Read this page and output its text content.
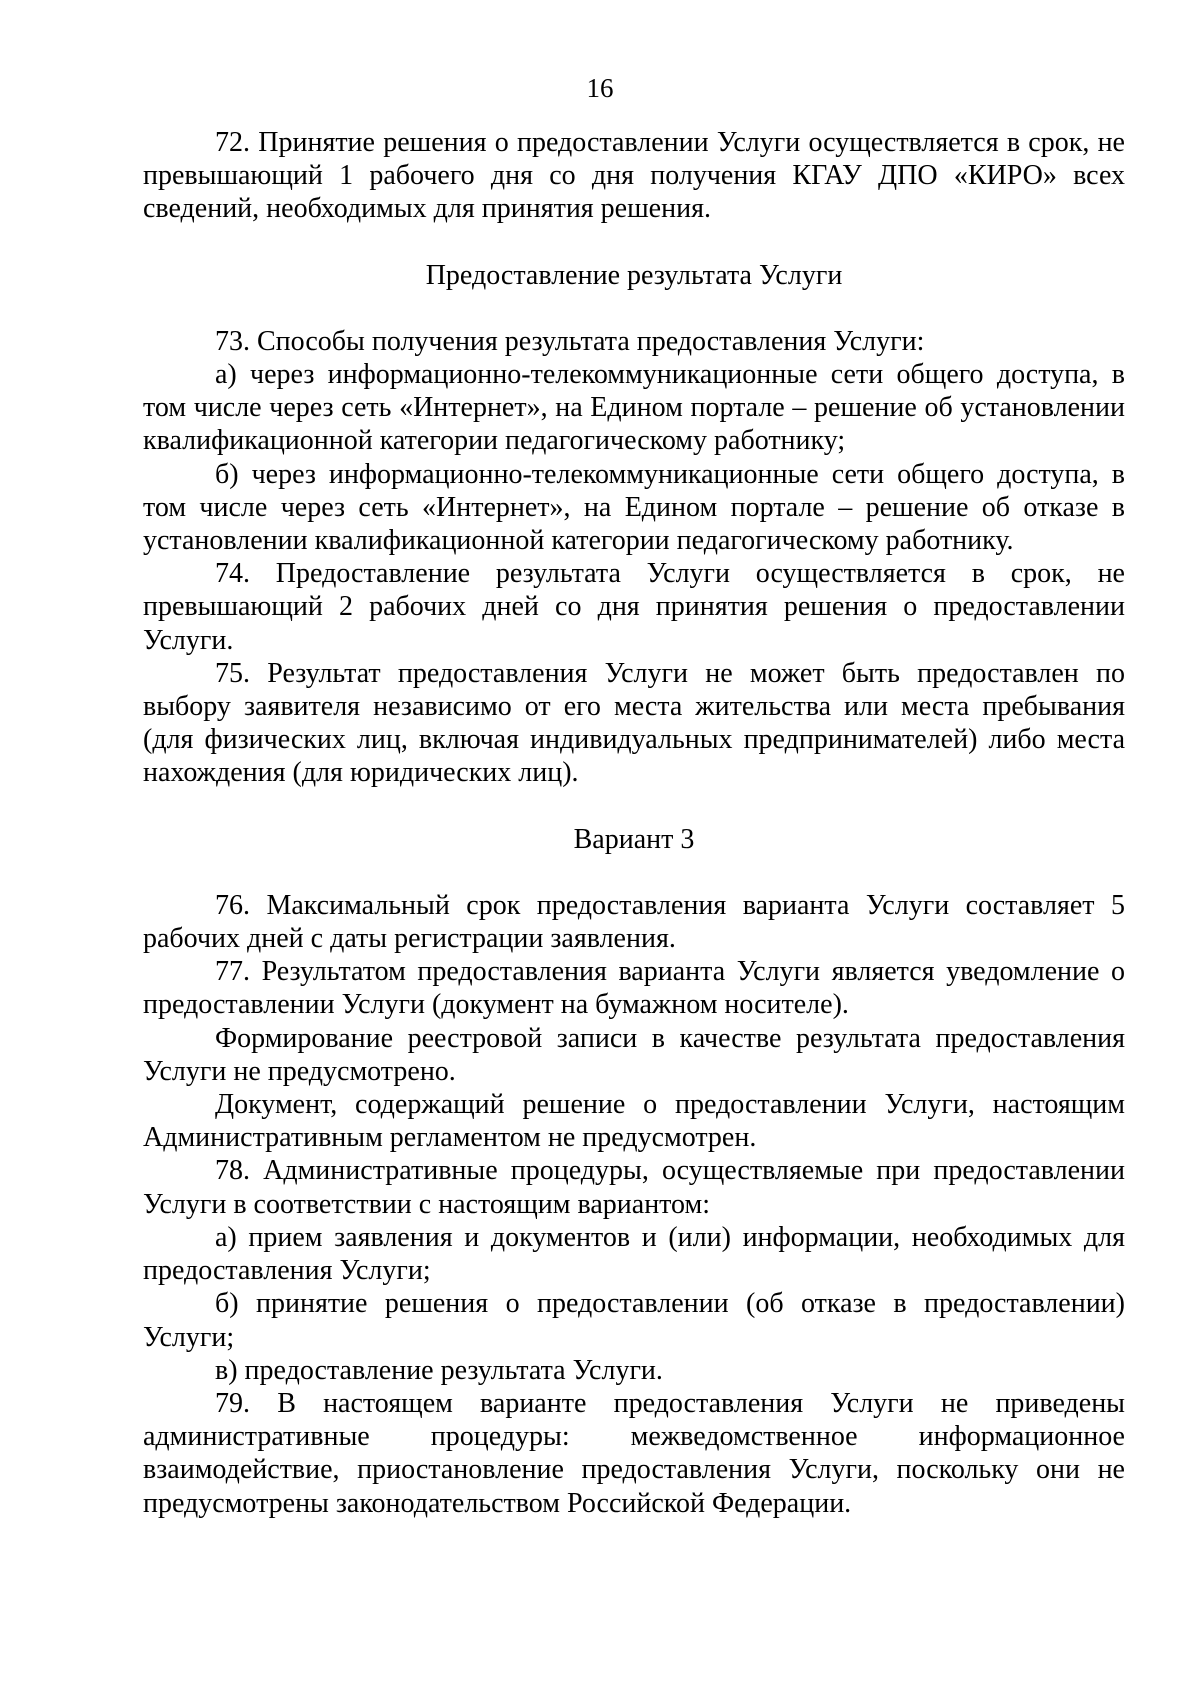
16

72. Принятие решения о предоставлении Услуги осуществляется в срок, не превышающий 1 рабочего дня со дня получения КГАУ ДПО «КИРО» всех сведений, необходимых для принятия решения.

Предоставление результата Услуги

73. Способы получения результата предоставления Услуги:

а) через информационно-телекоммуникационные сети общего доступа, в том числе через сеть «Интернет», на Едином портале – решение об установлении квалификационной категории педагогическому работнику;

б) через информационно-телекоммуникационные сети общего доступа, в том числе через сеть «Интернет», на Едином портале – решение об отказе в установлении квалификационной категории педагогическому работнику.

74. Предоставление результата Услуги осуществляется в срок, не превышающий 2 рабочих дней со дня принятия решения о предоставлении Услуги.

75. Результат предоставления Услуги не может быть предоставлен по выбору заявителя независимо от его места жительства или места пребывания (для физических лиц, включая индивидуальных предпринимателей) либо места нахождения (для юридических лиц).

Вариант 3

76. Максимальный срок предоставления варианта Услуги составляет 5 рабочих дней с даты регистрации заявления.

77. Результатом предоставления варианта Услуги является уведомление о предоставлении Услуги (документ на бумажном носителе).

Формирование реестровой записи в качестве результата предоставления Услуги не предусмотрено.

Документ, содержащий решение о предоставлении Услуги, настоящим Административным регламентом не предусмотрен.

78. Административные процедуры, осуществляемые при предоставлении Услуги в соответствии с настоящим вариантом:

а) прием заявления и документов и (или) информации, необходимых для предоставления Услуги;

б) принятие решения о предоставлении (об отказе в предоставлении) Услуги;

в) предоставление результата Услуги.

79. В настоящем варианте предоставления Услуги не приведены

административные процедуры: межведомственное информационное

взаимодействие, приостановление предоставления Услуги, поскольку они не предусмотрены законодательством Российской Федерации.
